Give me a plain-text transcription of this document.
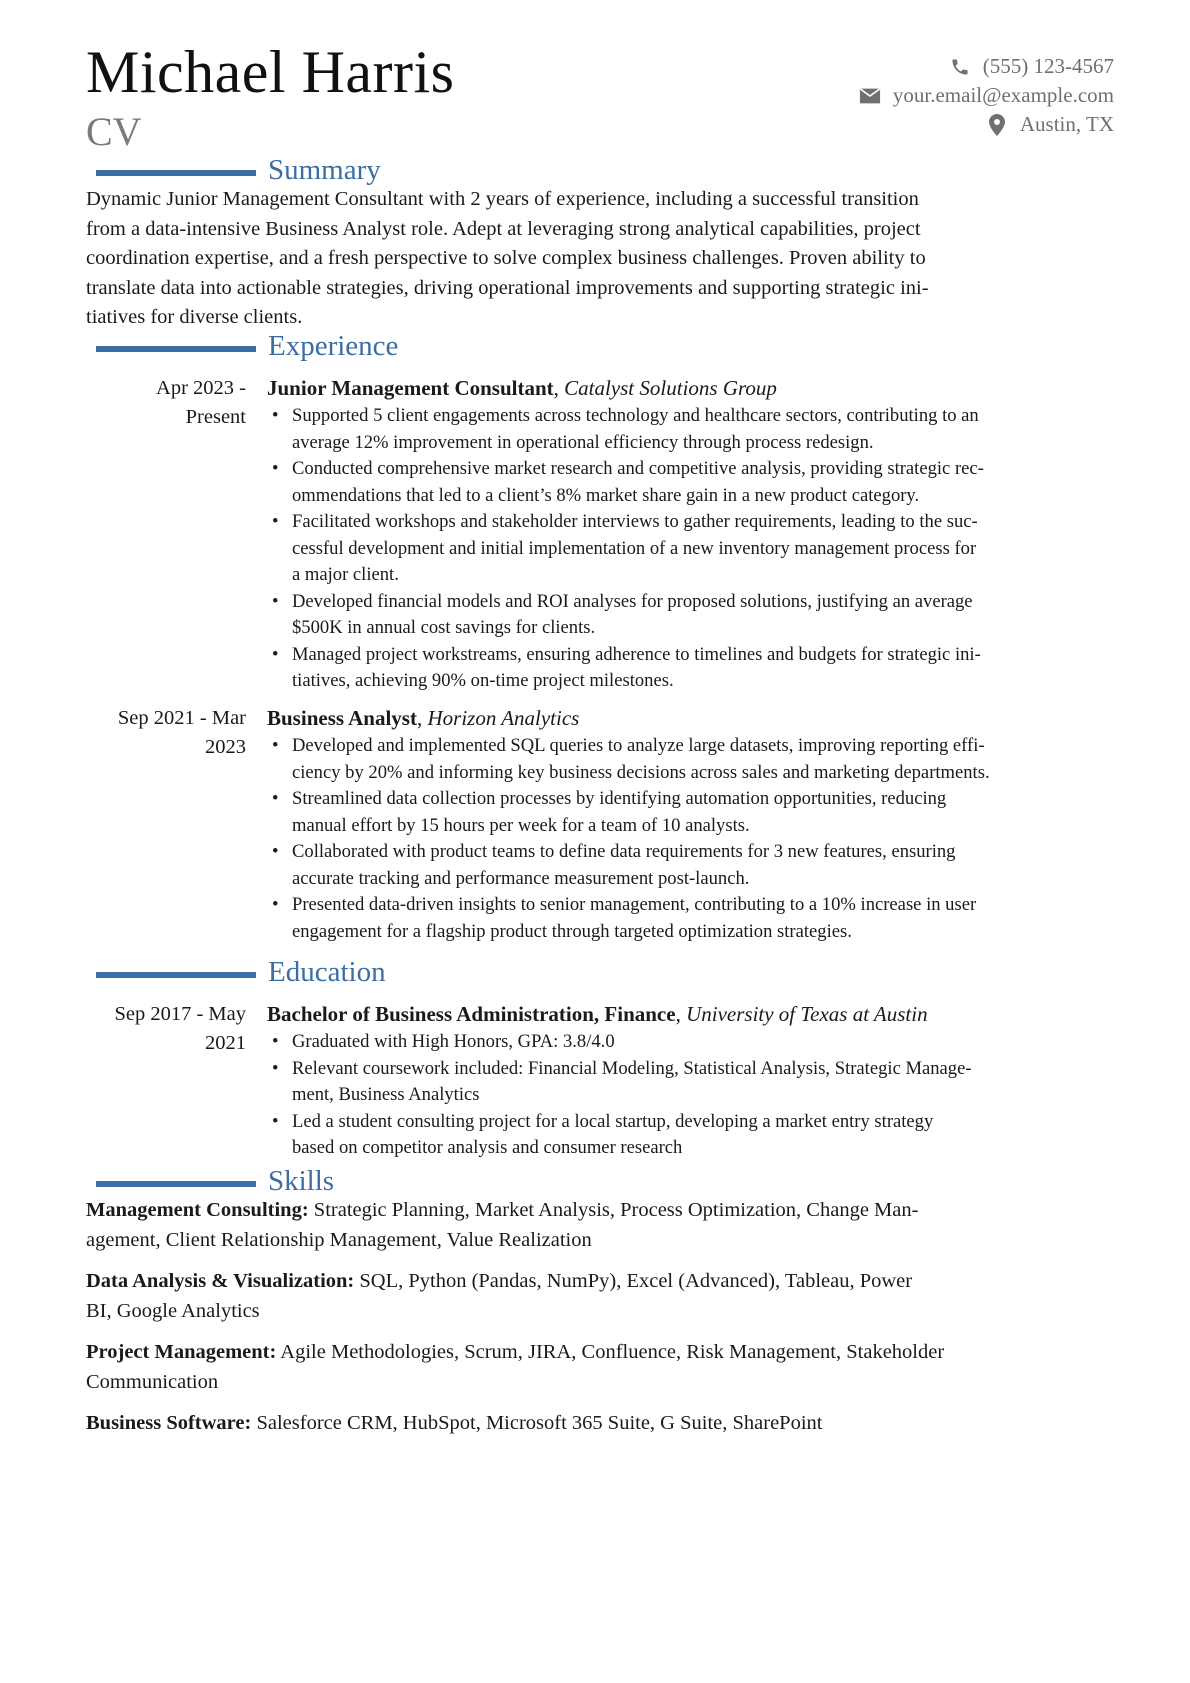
Michael Harris
CV
(555) 123-4567
your.email@example.com
Austin, TX
Summary
Dynamic Junior Management Consultant with 2 years of experience, including a successful transition
from a data-intensive Business Analyst role. Adept at leveraging strong analytical capabilities, project
coordination expertise, and a fresh perspective to solve complex business challenges. Proven ability to
translate data into actionable strategies, driving operational improvements and supporting strategic ini-
tiatives for diverse clients.
Experience
Apr 2023 -
Present
Junior Management Consultant, Catalyst Solutions Group
• Supported 5 client engagements across technology and healthcare sectors, contributing to an
average 12% improvement in operational efficiency through process redesign.
• Conducted comprehensive market research and competitive analysis, providing strategic rec-
ommendations that led to a client’s 8% market share gain in a new product category.
• Facilitated workshops and stakeholder interviews to gather requirements, leading to the suc-
cessful development and initial implementation of a new inventory management process for
a major client.
• Developed financial models and ROI analyses for proposed solutions, justifying an average
$500K in annual cost savings for clients.
• Managed project workstreams, ensuring adherence to timelines and budgets for strategic ini-
tiatives, achieving 90% on-time project milestones.
Sep 2021 - Mar
2023
Business Analyst, Horizon Analytics
• Developed and implemented SQL queries to analyze large datasets, improving reporting effi-
ciency by 20% and informing key business decisions across sales and marketing departments.
• Streamlined data collection processes by identifying automation opportunities, reducing
manual effort by 15 hours per week for a team of 10 analysts.
• Collaborated with product teams to define data requirements for 3 new features, ensuring
accurate tracking and performance measurement post-launch.
• Presented data-driven insights to senior management, contributing to a 10% increase in user
engagement for a flagship product through targeted optimization strategies.
Education
Sep 2017 - May
2021
Bachelor of Business Administration, Finance, University of Texas at Austin
• Graduated with High Honors, GPA: 3.8/4.0
• Relevant coursework included: Financial Modeling, Statistical Analysis, Strategic Manage-
ment, Business Analytics
• Led a student consulting project for a local startup, developing a market entry strategy
based on competitor analysis and consumer research
Skills
Management Consulting: Strategic Planning, Market Analysis, Process Optimization, Change Man-
agement, Client Relationship Management, Value Realization
Data Analysis & Visualization: SQL, Python (Pandas, NumPy), Excel (Advanced), Tableau, Power
BI, Google Analytics
Project Management: Agile Methodologies, Scrum, JIRA, Confluence, Risk Management, Stakeholder
Communication
Business Software: Salesforce CRM, HubSpot, Microsoft 365 Suite, G Suite, SharePoint
